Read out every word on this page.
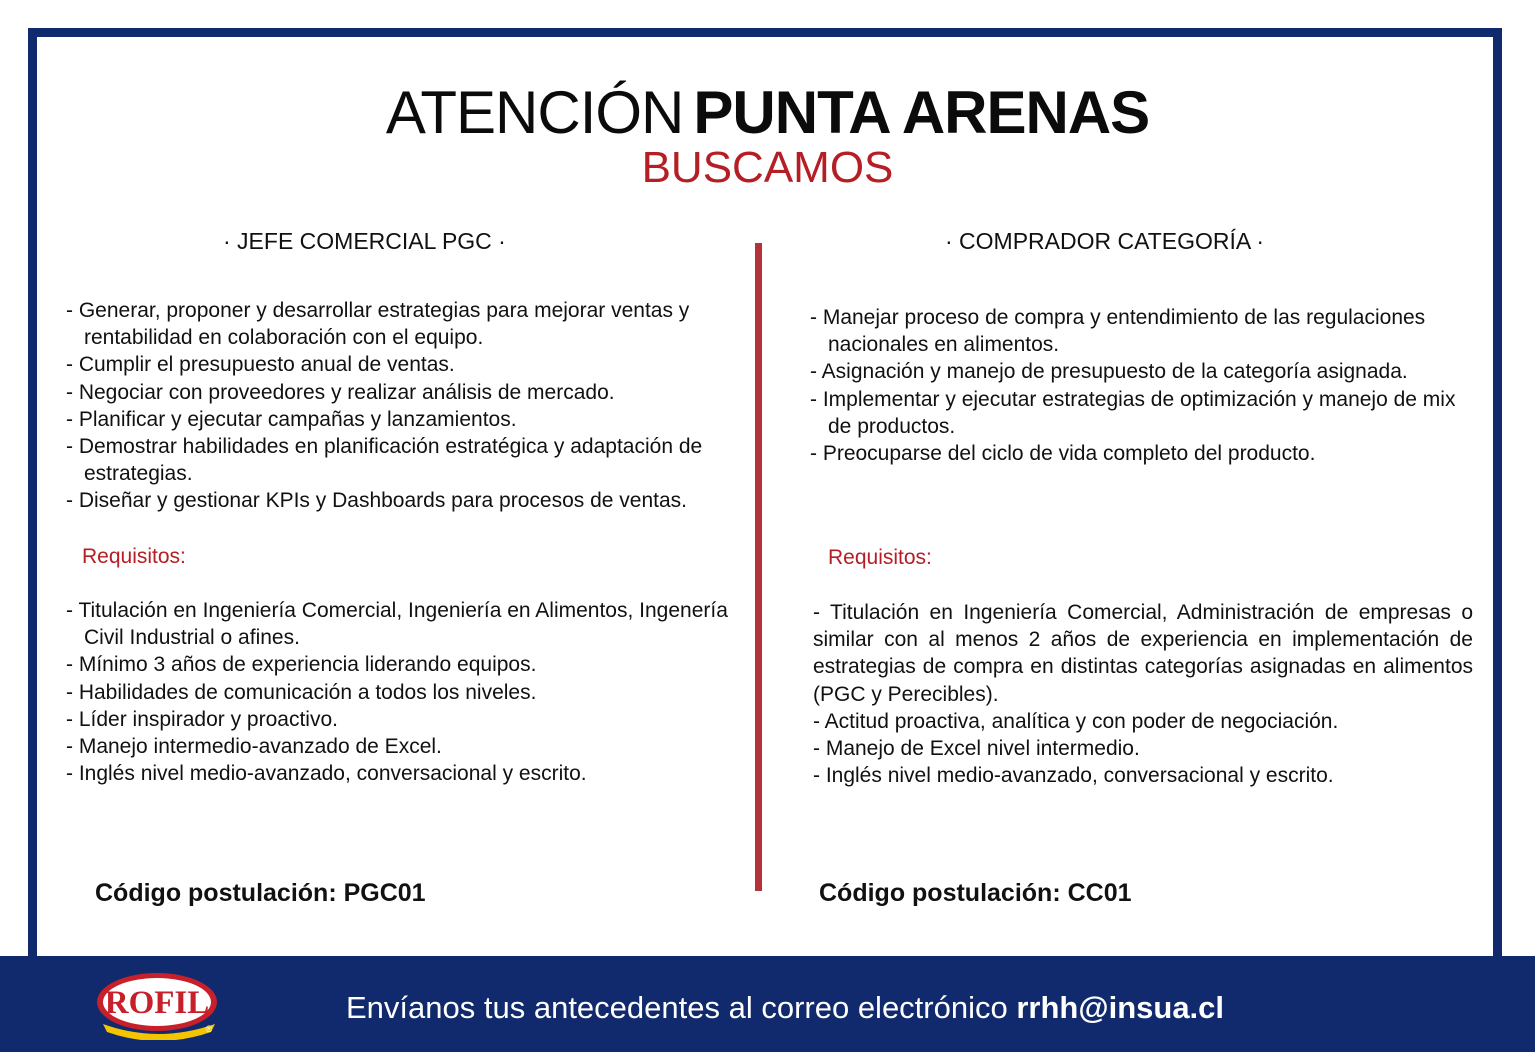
ATENCIÓN PUNTA ARENAS
BUSCAMOS
· JEFE COMERCIAL PGC ·
- Generar, proponer y desarrollar estrategias para mejorar ventas y rentabilidad en colaboración con el equipo.
- Cumplir el presupuesto anual de ventas.
- Negociar con proveedores y realizar análisis de mercado.
- Planificar y ejecutar campañas y lanzamientos.
- Demostrar habilidades en planificación estratégica y adaptación de estrategias.
- Diseñar y gestionar KPIs y Dashboards para procesos de ventas.
Requisitos:
- Titulación en Ingeniería Comercial, Ingeniería en Alimentos, Ingenería Civil Industrial o afines.
- Mínimo 3 años de experiencia liderando equipos.
- Habilidades de comunicación a todos los niveles.
- Líder inspirador y proactivo.
- Manejo intermedio-avanzado de Excel.
- Inglés nivel medio-avanzado, conversacional y escrito.
Código postulación: PGC01
· COMPRADOR CATEGORÍA ·
- Manejar proceso de compra y entendimiento de las regulaciones nacionales en alimentos.
- Asignación y manejo de presupuesto de la categoría asignada.
- Implementar y ejecutar estrategias de optimización y manejo de mix de productos.
- Preocuparse del ciclo de vida completo del producto.
Requisitos:

- Titulación en Ingeniería Comercial, Administración de empresas o similar con al menos 2 años de experiencia en implementación de estrategias de compra en distintas categorías asignadas en alimentos (PGC y Perecibles).

- Actitud proactiva, analítica y con poder de negociación.
- Manejo de Excel nivel intermedio.
- Inglés nivel medio-avanzado, conversacional y escrito.
Código postulación: CC01
ROFIL
®
Envíanos tus antecedentes al correo electrónico rrhh@insua.cl
